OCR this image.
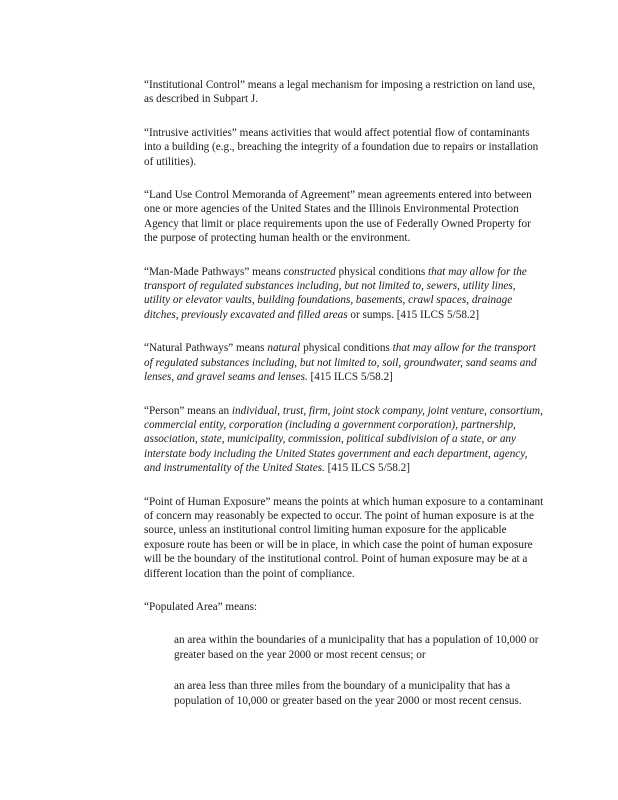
“Institutional Control” means a legal mechanism for imposing a restriction on land use, as described in Subpart J.

“Intrusive activities” means activities that would affect potential flow of contaminants into a building (e.g., breaching the integrity of a foundation due to repairs or installation of utilities).

“Land Use Control Memoranda of Agreement” mean agreements entered into between one or more agencies of the United States and the Illinois Environmental Protection Agency that limit or place requirements upon the use of Federally Owned Property for the purpose of protecting human health or the environment.

“Man-Made Pathways” means constructed physical conditions that may allow for the transport of regulated substances including, but not limited to, sewers, utility lines, utility or elevator vaults, building foundations, basements, crawl spaces, drainage ditches, previously excavated and filled areas or sumps. [415 ILCS 5/58.2]

“Natural Pathways” means natural physical conditions that may allow for the transport of regulated substances including, but not limited to, soil, groundwater, sand seams and lenses, and gravel seams and lenses. [415 ILCS 5/58.2]

“Person” means an individual, trust, firm, joint stock company, joint venture, consortium, commercial entity, corporation (including a government corporation), partnership, association, state, municipality, commission, political subdivision of a state, or any interstate body including the United States government and each department, agency, and instrumentality of the United States. [415 ILCS 5/58.2]

“Point of Human Exposure” means the points at which human exposure to a contaminant of concern may reasonably be expected to occur. The point of human exposure is at the source, unless an institutional control limiting human exposure for the applicable exposure route has been or will be in place, in which case the point of human exposure will be the boundary of the institutional control. Point of human exposure may be at a different location than the point of compliance.

“Populated Area” means:

an area within the boundaries of a municipality that has a population of 10,000 or greater based on the year 2000 or most recent census; or
an area less than three miles from the boundary of a municipality that has a population of 10,000 or greater based on the year 2000 or most recent census.
